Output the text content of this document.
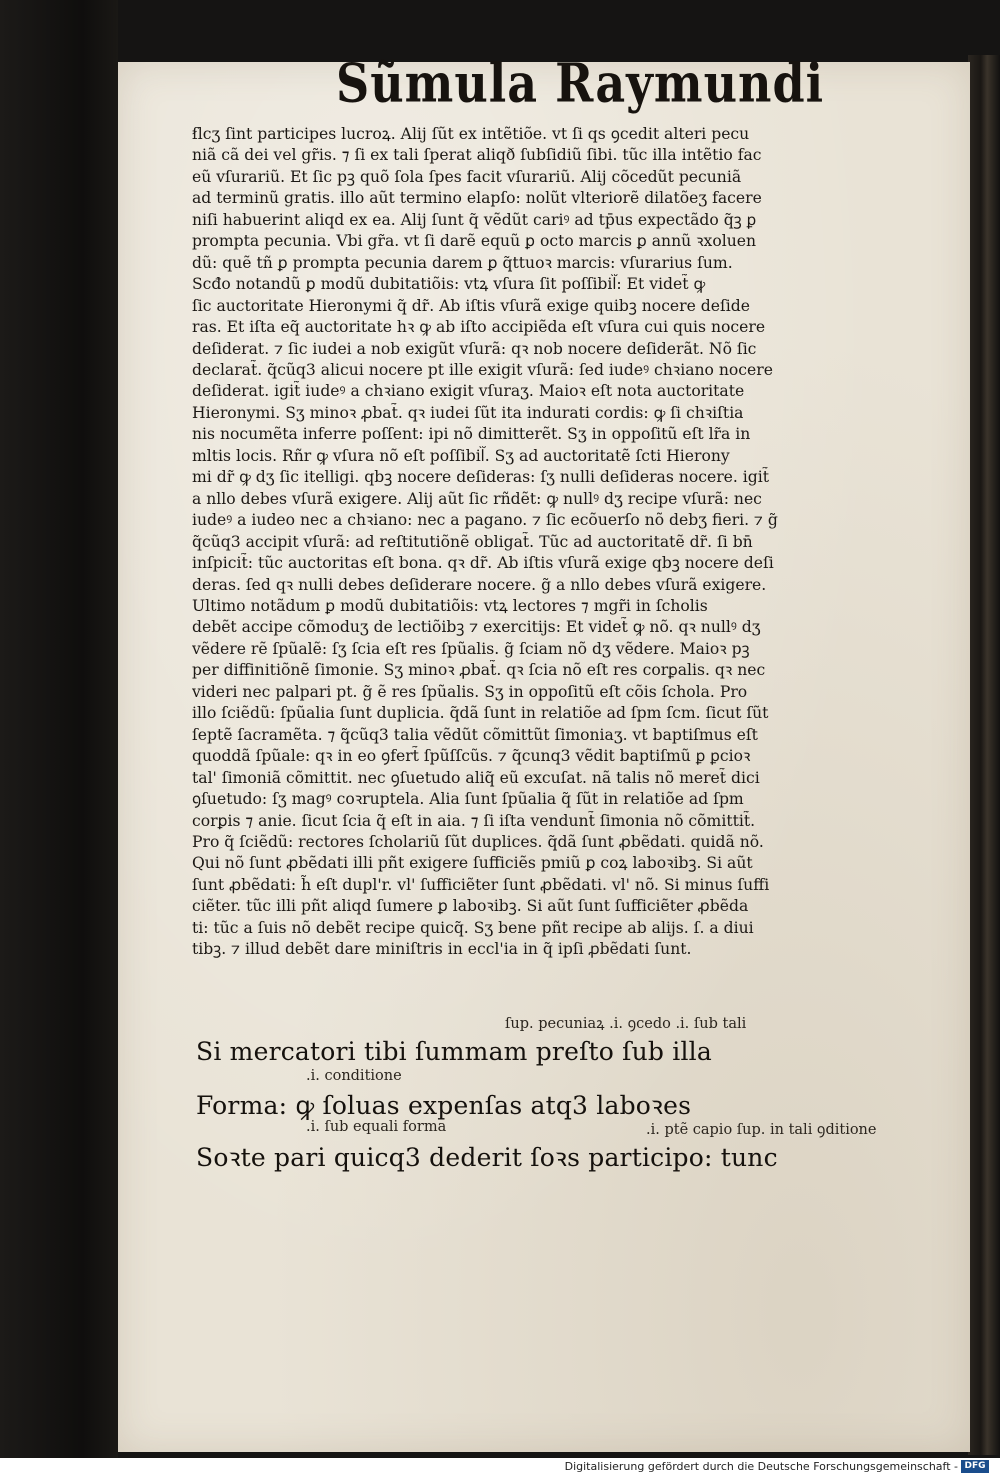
Sũmula Raymundi
ẜlcʒ ſint participes lucroꝝ. Alij ſũt ex intẽtiõe. vt ſi qs ꝯcedit alteri pecu
niã cã dei vel gr̃is. ⁊ ſi ex tali ſperat aliqð ſubſidiũ ſibi. tũc illa intẽtio fac
eũ vſurariũ. Et ſic pꝫ quõ ſola ſpes facit vſurariũ. Alij cõcedũt pecuniã
ad terminũ gratis. illo aũt termino elapſo: nolũt vlteriorẽ dilatõeʒ facere
niſi habuerint aliqd ex ea. Alij ſunt q̃ vẽdũt cariꝰ ad tp̄us expectãdo q̃ꝫ ꝑ
prompta pecunia. Vbi gr̃a. vt ſi darẽ equũ ꝑ octo marcis ꝑ annũ ꝛxoluen
dũ: quẽ tñ ꝑ prompta pecunia darem ꝑ q̃ttuoꝛ marcis: vſurarius ſum.
Scđo notandũ ꝑ modũ dubitatiõis: vtꝝ vſura ſit poſſibil᷑: Et videt̃ ꝙ
ſic auctoritate Hieronymi q̃ dr̃. Ab iſtis vſurã exige quibꝫ nocere deſide
ras. Et iſta eq̃ auctoritate hꝛ ꝙ ab iſto accipiẽda eſt vſura cui quis nocere
deſiderat. ⁊ ſic iudei a nob exigũt vſurã: qꝛ nob nocere deſiderãt. Nõ ſic
declarat̃. q̃cũq3 alicui nocere pt ille exigit vſurã: ſed iudeꝰ chꝛiano nocere
deſiderat. igit̃ iudeꝰ a chꝛiano exigit vſuraʒ. Maioꝛ eſt nota auctoritate
Hieronymi. Sʒ minoꝛ ꝓbat̃. qꝛ iudei ſũt ita indurati cordis: ꝙ ſi chꝛiſtia
nis nocumẽta inferre poſſent: ipi nõ dimitterẽt. Sʒ in oppoſitũ eſt lr̃a in
mltis locis. Rñr ꝙ vſura nõ eſt poſſibil᷑. Sʒ ad auctoritatẽ ſcti Hierony
mi dr̃ ꝙ dʒ ſic itelligi. qbꝫ nocere deſideras: ſʒ nulli deſideras nocere. igit̃
a nllo debes vſurã exigere. Alij aũt ſic rñdẽt: ꝙ nullꝰ dʒ recipe vſurã: nec
iudeꝰ a iudeo nec a chꝛiano: nec a pagano. ⁊ ſic ecõuerſo nõ debʒ fieri. ⁊ g̃
q̃cũq3 accipit vſurã: ad reſtitutiõnẽ obligat̃. Tũc ad auctoritatẽ dr̃. ſi bn̄
inſpicit̃: tũc auctoritas eſt bona. qꝛ dr̃. Ab iſtis vſurã exige qbꝫ nocere deſi
deras. ſed qꝛ nulli debes deſiderare nocere. g̃ a nllo debes vſurã exigere.
Ultimo notãdum ꝑ modũ dubitatiõis: vtꝝ lectores ⁊ mgr̃i in ſcholis
debẽt accipe cõmoduʒ de lectiõibꝫ ⁊ exercitijs: Et videt̃ ꝙ nõ. qꝛ nullꝰ dʒ
vẽdere rẽ ſpũalẽ: ſʒ ſcia eſt res ſpũalis. g̃ ſciam nõ dʒ vẽdere. Maioꝛ pꝫ
per diffinitiõnẽ ſimonie. Sʒ minoꝛ ꝓbat̃. qꝛ ſcia nõ eſt res corꝑalis. qꝛ nec
videri nec palpari pt. g̃ ẽ res ſpũalis. Sʒ in oppoſitũ eſt cõis ſchola. Pro
illo ſciẽdũ: ſpũalia ſunt duplicia. q̃dã ſunt in relatiõe ad ſpm ſcm. ſicut ſũt
ſeptẽ ſacramẽta. ⁊ q̃cũq3 talia vẽdũt cõmittũt ſimoniaʒ. vt baptiſmus eſt
quoddã ſpũale: qꝛ in eo ꝯfert̃ ſpũſſcũs. ⁊ q̃cunq3 vẽdit baptiſmũ ꝑ ꝑcioꝛ
tal' ſimoniã cõmittit. nec ꝯſuetudo aliq̃ eũ excuſat. nã talis nõ meret̃ dici
ꝯſuetudo: ſʒ magꝰ coꝛruptela. Alia ſunt ſpũalia q̃ ſũt in relatiõe ad ſpm
corꝑis ⁊ anie. ſicut ſcia q̃ eſt in aia. ⁊ ſi iſta vendunt̃ ſimonia nõ cõmittit̃.
Pro q̃ ſciẽdũ: rectores ſcholariũ ſũt duplices. q̃dã ſunt ꝓbẽdati. quidã nõ.
Qui nõ ſunt ꝓbẽdati illi pñt exigere ſufficiẽs pmiũ ꝑ coꝝ laboꝛibꝫ. Si aũt
ſunt ꝓbẽdati: h̃ eſt dupl'r. vl' ſufficiẽter ſunt ꝓbẽdati. vl' nõ. Si minus ſuffi
ciẽter. tũc illi pñt aliqd ſumere ꝑ laboꝛibꝫ. Si aũt ſunt ſufficiẽter ꝓbẽda
ti: tũc a ſuis nõ debẽt recipe quicq̃. Sʒ bene pñt recipe ab alijs. ſ. a diui
tibꝫ. ⁊ illud debẽt dare miniſtris in eccl'ia in q̃ ipſi ꝓbẽdati ſunt.
ſup. pecuniaꝝ .i. ꝯcedo .i. ſub tali
Si mercatori tibi ſummam preſto ſub illa
.i. conditione
Forma: ꝙ ſoluas expenſas atq3 laboꝛes
.i. ſub equali forma	.i. ptẽ capio ſup. in tali ꝯditione
Soꝛte pari quicq3 dederit ſoꝛs participo: tunc
Digitalisierung gefördert durch die Deutsche Forschungsgemeinschaft - DFG
